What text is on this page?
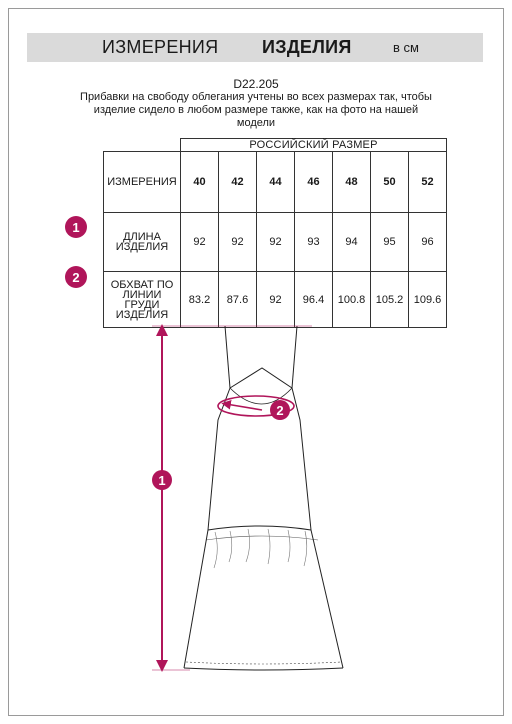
ИЗМЕРЕНИЯ ИЗДЕЛИЯ	в см
D22.205
Прибавки на свободу облегания учтены во всех размерах так, чтобы изделие сидело в любом размере также, как на фото на нашей модели
	РОССИЙСКИЙ РАЗМЕР						
ИЗМЕРЕНИЯ	40	42	44	46	48	50	52
ДЛИНА ИЗДЕЛИЯ	92	92	92	93	94	95	96
ОБХВАТ ПО ЛИНИИ ГРУДИ ИЗДЕЛИЯ	83.2	87.6	92	96.4	100.8	105.2	109.6
1
2
1
2
